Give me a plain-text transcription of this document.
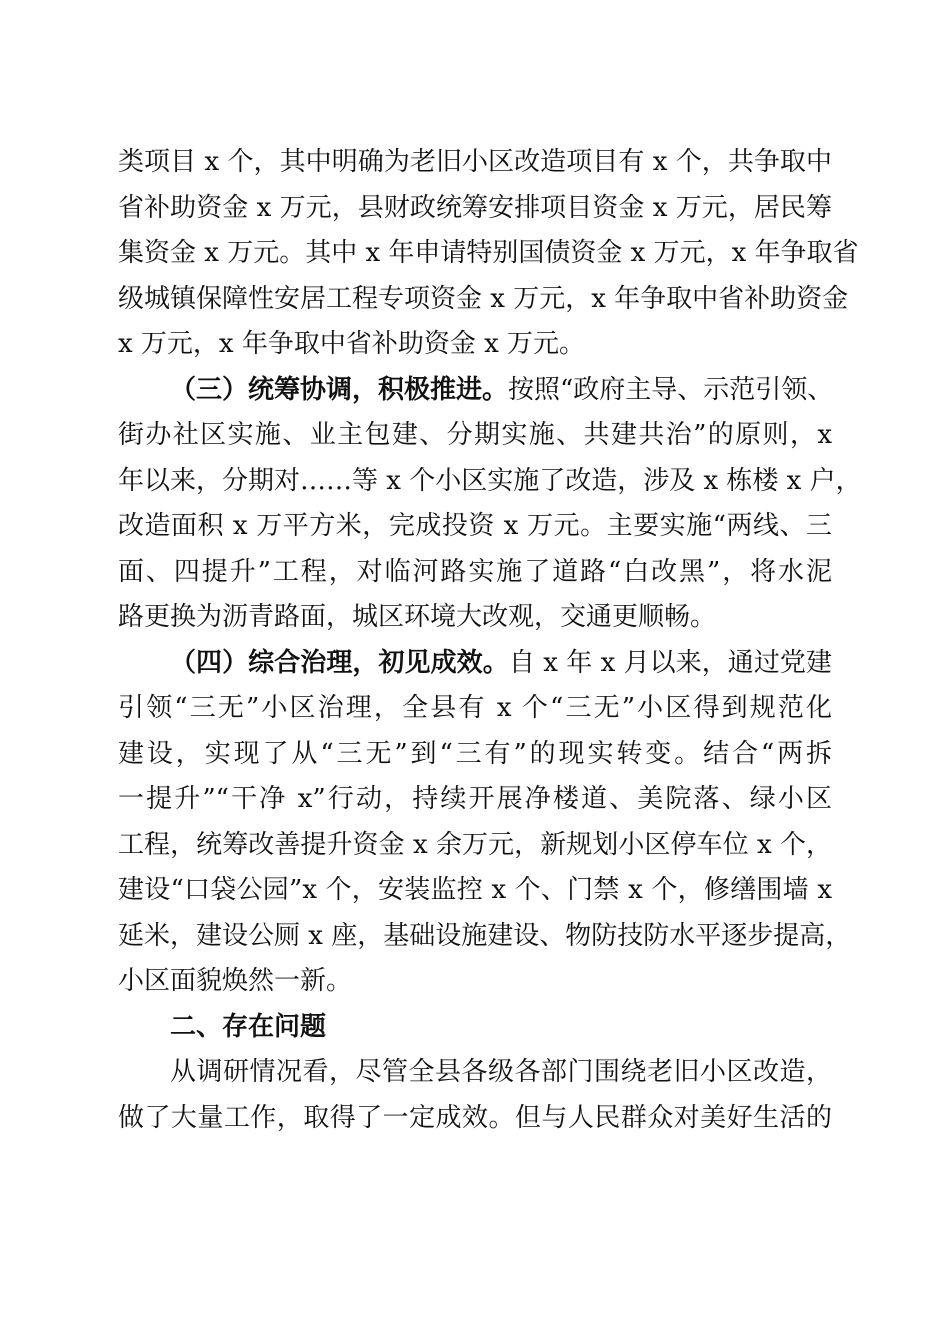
类项目 x 个，其中明确为老旧小区改造项目有 x 个，共争取中
省补助资金 x 万元，县财政统筹安排项目资金 x 万元，居民筹
集资金 x 万元。其中 x 年申请特别国债资金 x 万元，x 年争取省
级城镇保障性安居工程专项资金 x 万元，x 年争取中省补助资金
x 万元，x 年争取中省补助资金 x 万元。
（三）统筹协调，积极推进。按照“政府主导、示范引领、
街办社区实施、业主包建、分期实施、共建共治”的原则，x
年以来，分期对……等 x 个小区实施了改造，涉及 x 栋楼 x 户，
改造面积 x 万平方米，完成投资 x 万元。主要实施“两线、三
面、四提升”工程，对临河路实施了道路“白改黑”，将水泥
路更换为沥青路面，城区环境大改观，交通更顺畅。
（四）综合治理，初见成效。自 x 年 x 月以来，通过党建
引领“三无”小区治理，全县有 x 个“三无”小区得到规范化
建设，实现了从“三无”到“三有”的现实转变。结合“两拆
一提升”“干净 x”行动，持续开展净楼道、美院落、绿小区
工程，统筹改善提升资金 x 余万元，新规划小区停车位 x 个，
建设“口袋公园”x 个，安装监控 x 个、门禁 x 个，修缮围墙 x
延米，建设公厕 x 座，基础设施建设、物防技防水平逐步提高，
小区面貌焕然一新。
二、存在问题
从调研情况看，尽管全县各级各部门围绕老旧小区改造，
做了大量工作，取得了一定成效。但与人民群众对美好生活的
